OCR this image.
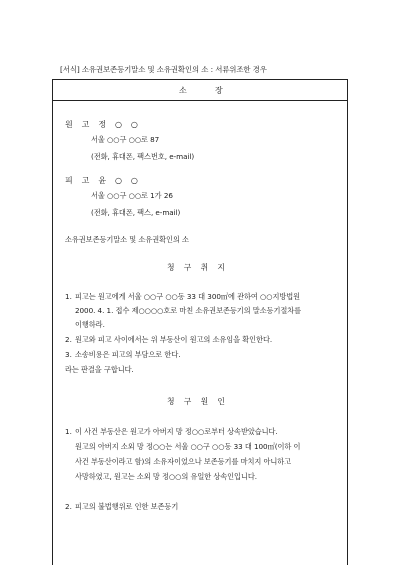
[서식] 소유권보존등기말소 및 소유권확인의 소 : 서류위조한 경우
소	장
원 고 정 ○ ○
서울 ○○구 ○○로 87
(전화, 휴대폰, 팩스번호, e-mail)
피 고 윤 ○ ○
서울 ○○구 ○○로 1가 26
(전화, 휴대폰, 팩스, e-mail)
소유권보존등기말소 및 소유권확인의 소
청 구 취 지
1. 피고는 원고에게 서울 ○○구 ○○동 33 대 300㎡에 관하여 ○○지방법원
2000. 4. 1. 접수 제○○○○호로 마친 소유권보존등기의 말소등기절차를
이행하라.
2. 원고와 피고 사이에서는 위 부동산이 원고의 소유임을 확인한다.
3. 소송비용은 피고의 부담으로 한다.
라는 판결을 구합니다.
청 구 원 인
1. 이 사건 부동산은 원고가 아버지 망 정○○로부터 상속받았습니다.
원고의 아버지 소외 망 정○○는 서울 ○○구 ○○동 33 대 100㎡(이하 이
사건 부동산이라고 함)의 소유자이었으나 보존등기를 마치지 아니하고
사망하였고, 원고는 소외 망 정○○의 유일한 상속인입니다.
2. 피고의 불법행위로 인한 보존등기
